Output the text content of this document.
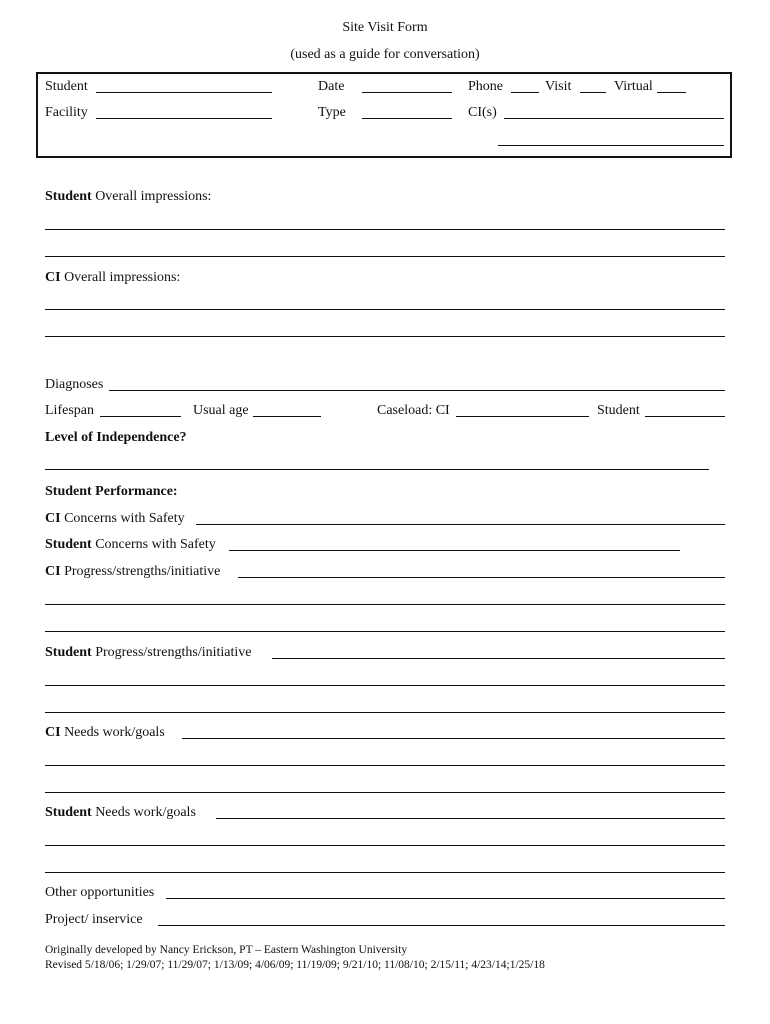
Site Visit Form
(used as a guide for conversation)
Student	Date	Phone	Visit	Virtual
Facility	Type	CI(s)
Student Overall impressions:
CI Overall impressions:
Diagnoses
Lifespan	Usual age	Caseload: CI	Student
Level of Independence?
Student Performance:
CI Concerns with Safety
Student Concerns with Safety
CI Progress/strengths/initiative
Student Progress/strengths/initiative
CI Needs work/goals
Student Needs work/goals
Other opportunities
Project/ inservice
Originally developed by Nancy Erickson, PT – Eastern Washington University
Revised 5/18/06; 1/29/07; 11/29/07; 1/13/09; 4/06/09; 11/19/09; 9/21/10; 11/08/10; 2/15/11; 4/23/14;1/25/18
